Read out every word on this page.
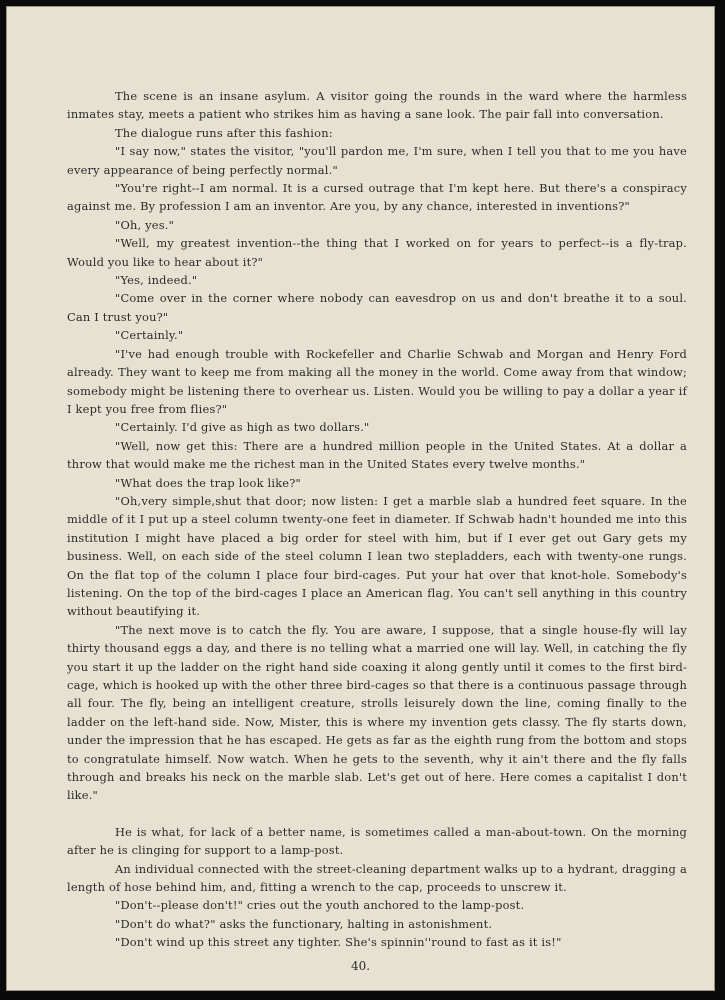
The scene is an insane asylum. A visitor going the rounds in the ward where the harmless inmates stay, meets a patient who strikes him as having a sane look. The pair fall into conversation.

The dialogue runs after this fashion:

"I say now," states the visitor, "you'll pardon me, I'm sure, when I tell you that to me you have every appearance of being perfectly normal."

"You're right--I am normal. It is a cursed outrage that I'm kept here. But there's a conspiracy against me. By profession I am an inventor. Are you, by any chance, interested in inventions?"

"Oh, yes."

"Well, my greatest invention--the thing that I worked on for years to perfect--is a fly-trap. Would you like to hear about it?"

"Yes, indeed."

"Come over in the corner where nobody can eavesdrop on us and don't breathe it to a soul. Can I trust you?"

"Certainly."

"I've had enough trouble with Rockefeller and Charlie Schwab and Morgan and Henry Ford already. They want to keep me from making all the money in the world. Come away from that window; somebody might be listening there to overhear us. Listen. Would you be willing to pay a dollar a year if I kept you free from flies?"

"Certainly. I'd give as high as two dollars."

"Well, now get this: There are a hundred million people in the United States. At a dollar a throw that would make me the richest man in the United States every twelve months."

"What does the trap look like?"

"Oh,very simple,shut that door; now listen: I get a marble slab a hundred feet square. In the middle of it I put up a steel column twenty-one feet in diameter. If Schwab hadn't hounded me into this institution I might have placed a big order for steel with him, but if I ever get out Gary gets my business. Well, on each side of the steel column I lean two stepladders, each with twenty-one rungs. On the flat top of the column I place four bird-cages. Put your hat over that knot-hole. Somebody's listening. On the top of the bird-cages I place an American flag. You can't sell anything in this country without beautifying it.

"The next move is to catch the fly. You are aware, I suppose, that a single house-fly will lay thirty thousand eggs a day, and there is no telling what a married one will lay. Well, in catching the fly you start it up the ladder on the right hand side coaxing it along gently until it comes to the first bird-cage, which is hooked up with the other three bird-cages so that there is a continuous passage through all four. The fly, being an intelligent creature, strolls leisurely down the line, coming finally to the ladder on the left-hand side. Now, Mister, this is where my invention gets classy. The fly starts down, under the impression that he has escaped. He gets as far as the eighth rung from the bottom and stops to congratulate himself. Now watch. When he gets to the seventh, why it ain't there and the fly falls through and breaks his neck on the marble slab. Let's get out of here. Here comes a capitalist I don't like."

He is what, for lack of a better name, is sometimes called a man-about-town. On the morning after he is clinging for support to a lamp-post.

An individual connected with the street-cleaning department walks up to a hydrant, dragging a length of hose behind him, and, fitting a wrench to the cap, proceeds to unscrew it.

"Don't--please don't!" cries out the youth anchored to the lamp-post.

"Don't do what?" asks the functionary, halting in astonishment.

"Don't wind up this street any tighter. She's spinnin''round to fast as it is!"

40.
